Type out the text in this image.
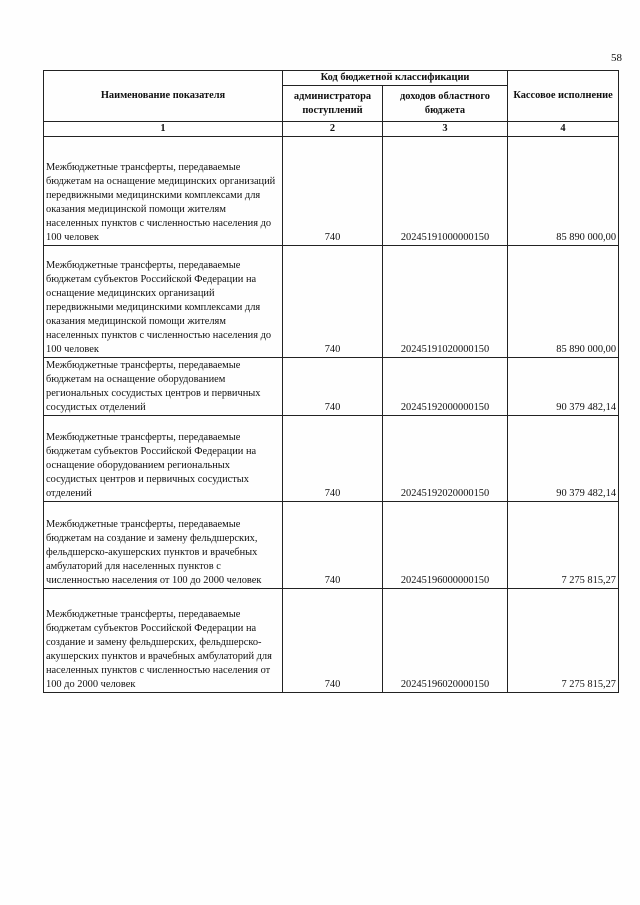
58
Наименование показателя	Код бюджетной классификации		Кассовое исполнение
	администратора поступлений	доходов областного бюджета	
1	2	3	4
Межбюджетные трансферты, передаваемые бюджетам на оснащение медицинских организаций передвижными медицинскими комплексами для оказания медицинской помощи жителям населенных пунктов с численностью населения до 100 человек	740	20245191000000150	85 890 000,00
Межбюджетные трансферты, передаваемые бюджетам субъектов Российской Федерации на оснащение медицинских организаций передвижными медицинскими комплексами для оказания медицинской помощи жителям населенных пунктов с численностью населения до 100 человек	740	20245191020000150	85 890 000,00
Межбюджетные трансферты, передаваемые бюджетам на оснащение оборудованием региональных сосудистых центров и первичных сосудистых отделений	740	20245192000000150	90 379 482,14
Межбюджетные трансферты, передаваемые бюджетам субъектов Российской Федерации на оснащение оборудованием региональных сосудистых центров и первичных сосудистых отделений	740	20245192020000150	90 379 482,14
Межбюджетные трансферты, передаваемые бюджетам на создание и замену фельдшерских, фельдшерско-акушерских пунктов и врачебных амбулаторий для населенных пунктов с численностью населения от 100 до 2000 человек	740	20245196000000150	7 275 815,27
Межбюджетные трансферты, передаваемые бюджетам субъектов Российской Федерации на создание и замену фельдшерских, фельдшерско-акушерских пунктов и врачебных амбулаторий для населенных пунктов с численностью населения от 100 до 2000 человек	740	20245196020000150	7 275 815,27
